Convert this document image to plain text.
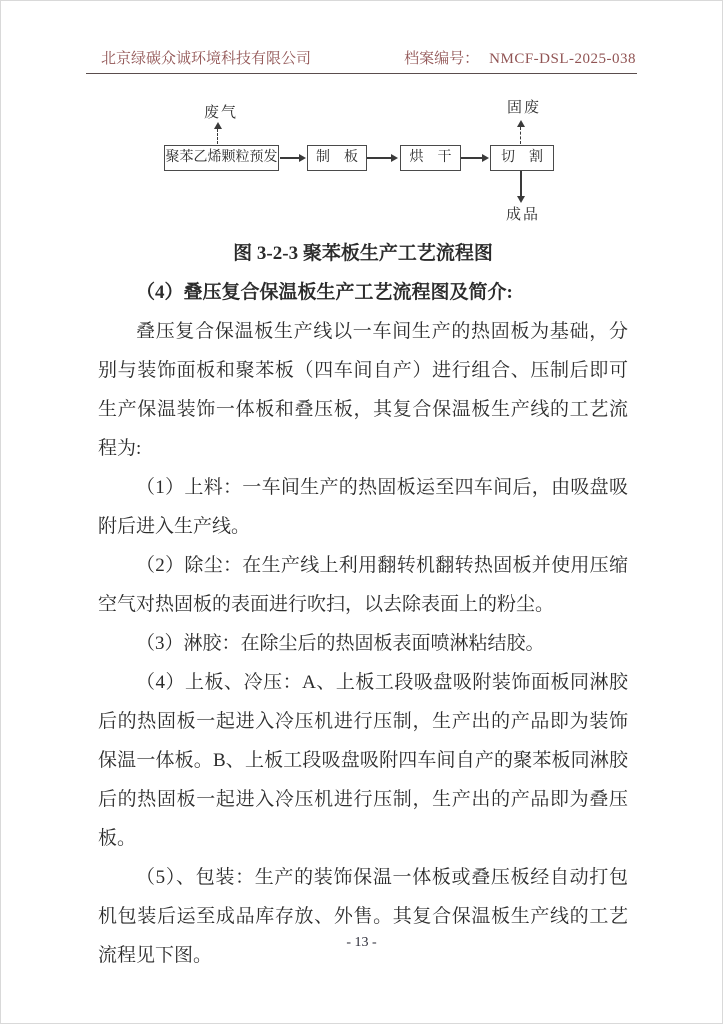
北京绿碳众诚环境科技有限公司	档案编号： NMCF-DSL-2025-038
废气
聚苯乙烯颗粒预发	制　板	烘　干	切　割
固废
成品

图 3-2-3 聚苯板生产工艺流程图

（4）叠压复合保温板生产工艺流程图及简介:

叠压复合保温板生产线以一车间生产的热固板为基础，分别与装饰面板和聚苯板（四车间自产）进行组合、压制后即可生产保温装饰一体板和叠压板，其复合保温板生产线的工艺流程为:

（1）上料：一车间生产的热固板运至四车间后，由吸盘吸附后进入生产线。

（2）除尘：在生产线上利用翻转机翻转热固板并使用压缩空气对热固板的表面进行吹扫，以去除表面上的粉尘。

（3）淋胶：在除尘后的热固板表面喷淋粘结胶。

（4）上板、冷压：A、上板工段吸盘吸附装饰面板同淋胶后的热固板一起进入冷压机进行压制，生产出的产品即为装饰保温一体板。B、上板工段吸盘吸附四车间自产的聚苯板同淋胶后的热固板一起进入冷压机进行压制，生产出的产品即为叠压板。

（5）、包装：生产的装饰保温一体板或叠压板经自动打包机包装后运至成品库存放、外售。其复合保温板生产线的工艺流程见下图。

- 13 -
